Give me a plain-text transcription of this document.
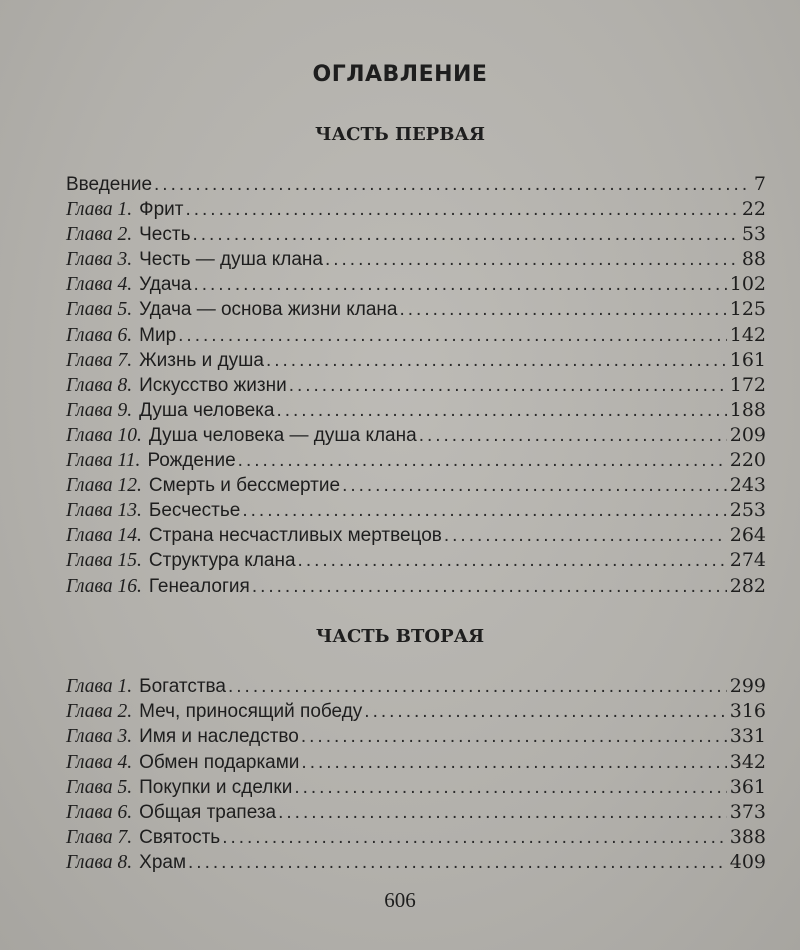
ОГЛАВЛЕНИЕ
ЧАСТЬ ПЕРВАЯ
Введение .....	7
Глава 1. Фрит .....	22
Глава 2. Честь .....	53
Глава 3. Честь — душа клана .....	88
Глава 4. Удача .....	102
Глава 5. Удача — основа жизни клана .....	125
Глава 6. Мир .....	142
Глава 7. Жизнь и душа .....	161
Глава 8. Искусство жизни .....	172
Глава 9. Душа человека .....	188
Глава 10. Душа человека — душа клана .....	209
Глава 11. Рождение .....	220
Глава 12. Смерть и бессмертие .....	243
Глава 13. Бесчестье .....	253
Глава 14. Страна несчастливых мертвецов .....	264
Глава 15. Структура клана .....	274
Глава 16. Генеалогия .....	282
ЧАСТЬ ВТОРАЯ
Глава 1. Богатства .....	299
Глава 2. Меч, приносящий победу .....	316
Глава 3. Имя и наследство .....	331
Глава 4. Обмен подарками .....	342
Глава 5. Покупки и сделки .....	361
Глава 6. Общая трапеза .....	373
Глава 7. Святость .....	388
Глава 8. Храм .....	409

606
